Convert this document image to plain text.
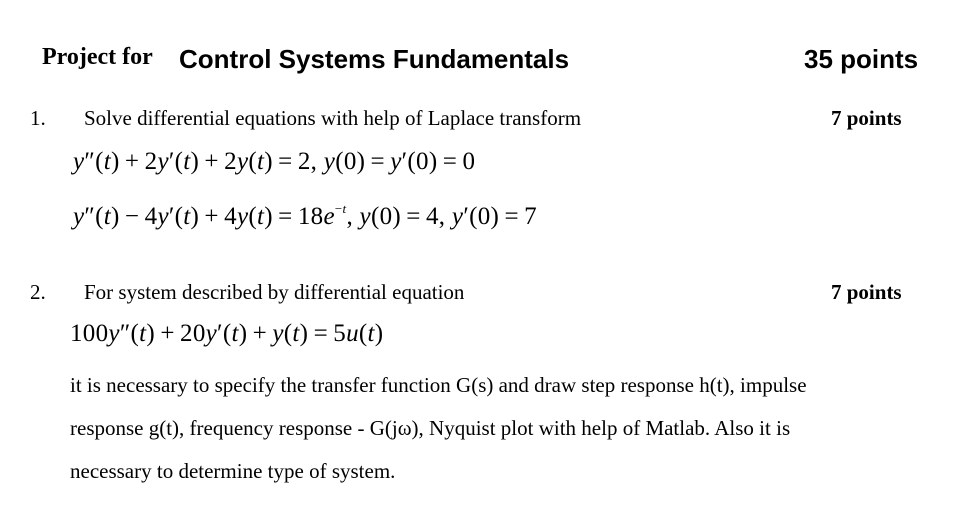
Project for Control Systems Fundamentals	35 points
1. Solve differential equations with help of Laplace transform	7 points
y″(t) + 2y′(t) + 2y(t) = 2, y(0) = y′(0) = 0
$y''(t) - 4y'(t) + 4y(t) = 18e^{-t}$, y(0) = 4, y′(0) = 7
2. For system described by differential equation	7 points
100y″(t) + 20y′(t) + y(t) = 5u(t)
it is necessary to specify the transfer function G(s) and draw step response h(t), impulse
response g(t), frequency response - G(jω), Nyquist plot with help of Matlab. Also it is
necessary to determine type of system.
